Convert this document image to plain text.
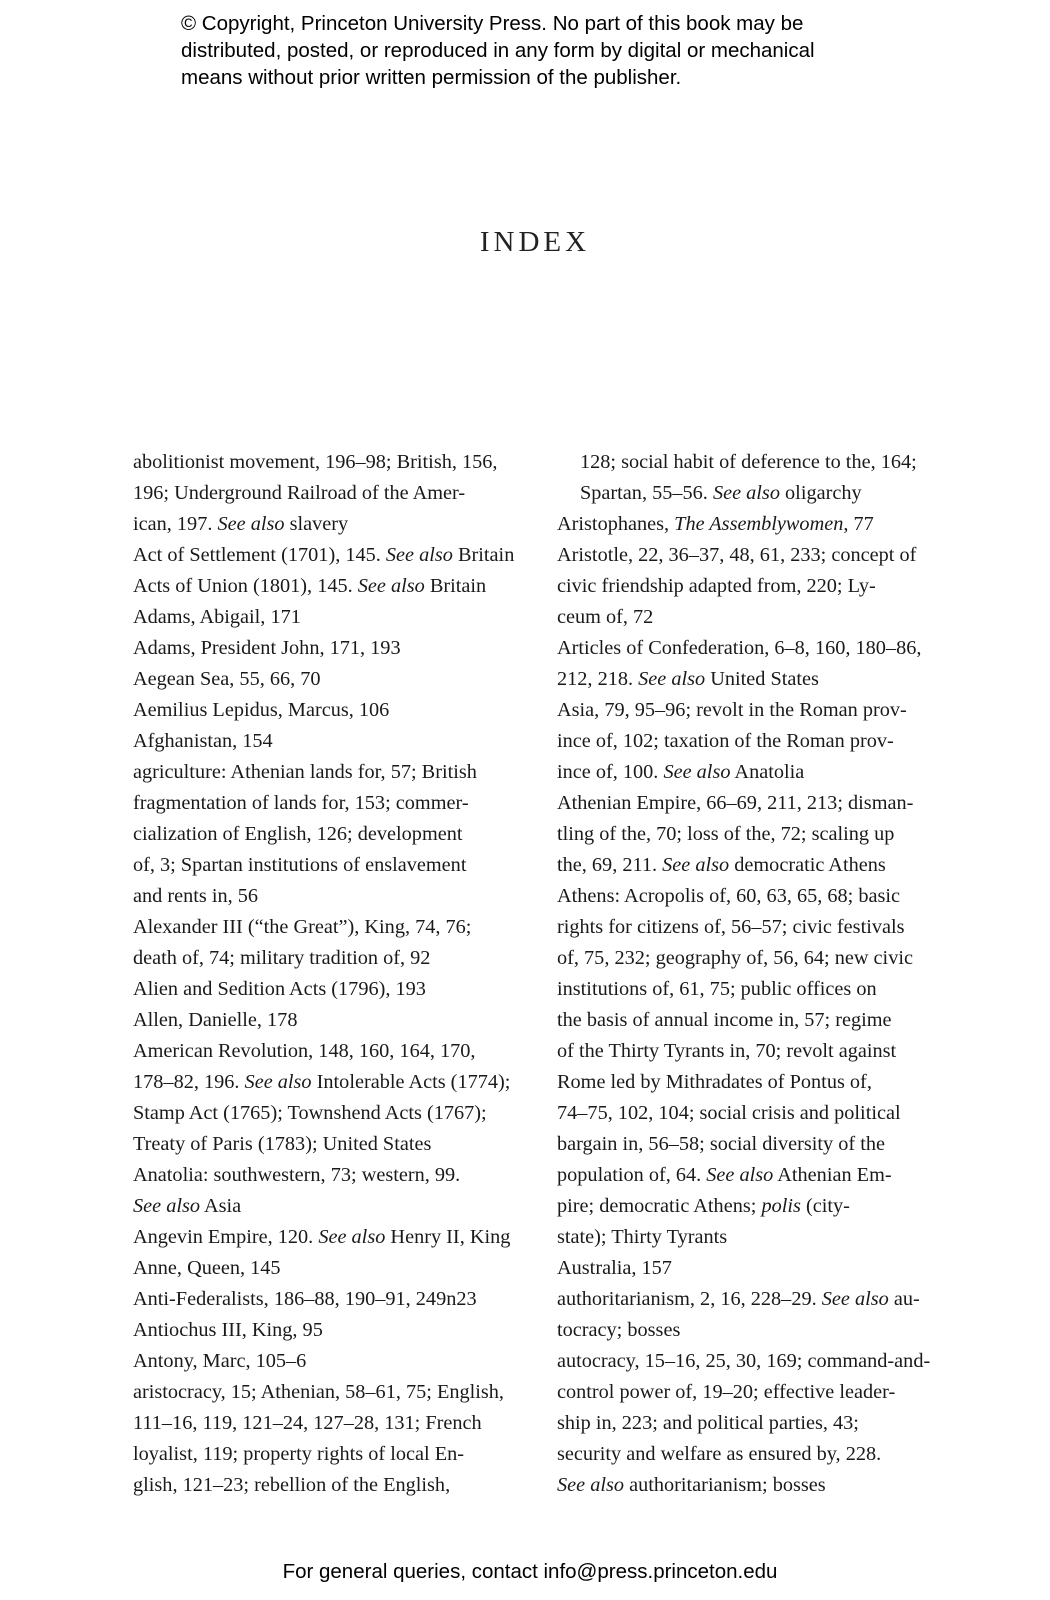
© Copyright, Princeton University Press. No part of this book may be
distributed, posted, or reproduced in any form by digital or mechanical
means without prior written permission of the publisher.
INDEX
abolitionist movement, 196–98; British, 156,
196; Underground Railroad of the Amer-
ican, 197. See also slavery
Act of Settlement (1701), 145. See also Britain
Acts of Union (1801), 145. See also Britain
Adams, Abigail, 171
Adams, President John, 171, 193
Aegean Sea, 55, 66, 70
Aemilius Lepidus, Marcus, 106
Afghanistan, 154
agriculture: Athenian lands for, 57; British
fragmentation of lands for, 153; commer-
cialization of English, 126; development
of, 3; Spartan institutions of enslavement
and rents in, 56
Alexander III (“the Great”), King, 74, 76;
death of, 74; military tradition of, 92
Alien and Sedition Acts (1796), 193
Allen, Danielle, 178
American Revolution, 148, 160, 164, 170,
178–82, 196. See also Intolerable Acts (1774);
Stamp Act (1765); Townshend Acts (1767);
Treaty of Paris (1783); United States
Anatolia: southwestern, 73; western, 99.
See also Asia
Angevin Empire, 120. See also Henry II, King
Anne, Queen, 145
Anti-Federalists, 186–88, 190–91, 249n23
Antiochus III, King, 95
Antony, Marc, 105–6
aristocracy, 15; Athenian, 58–61, 75; English,
111–16, 119, 121–24, 127–28, 131; French
loyalist, 119; property rights of local En-
glish, 121–23; rebellion of the English,
128; social habit of deference to the, 164;
Spartan, 55–56. See also oligarchy
Aristophanes, The Assemblywomen, 77
Aristotle, 22, 36–37, 48, 61, 233; concept of
civic friendship adapted from, 220; Ly-
ceum of, 72
Articles of Confederation, 6–8, 160, 180–86,
212, 218. See also United States
Asia, 79, 95–96; revolt in the Roman prov-
ince of, 102; taxation of the Roman prov-
ince of, 100. See also Anatolia
Athenian Empire, 66–69, 211, 213; disman-
tling of the, 70; loss of the, 72; scaling up
the, 69, 211. See also democratic Athens
Athens: Acropolis of, 60, 63, 65, 68; basic
rights for citizens of, 56–57; civic festivals
of, 75, 232; geography of, 56, 64; new civic
institutions of, 61, 75; public offices on
the basis of annual income in, 57; regime
of the Thirty Tyrants in, 70; revolt against
Rome led by Mithradates of Pontus of,
74–75, 102, 104; social crisis and political
bargain in, 56–58; social diversity of the
population of, 64. See also Athenian Em-
pire; democratic Athens; polis (city-
state); Thirty Tyrants
Australia, 157
authoritarianism, 2, 16, 228–29. See also au-
tocracy; bosses
autocracy, 15–16, 25, 30, 169; command-and-
control power of, 19–20; effective leader-
ship in, 223; and political parties, 43;
security and welfare as ensured by, 228.
See also authoritarianism; bosses
For general queries, contact info@press.princeton.edu
